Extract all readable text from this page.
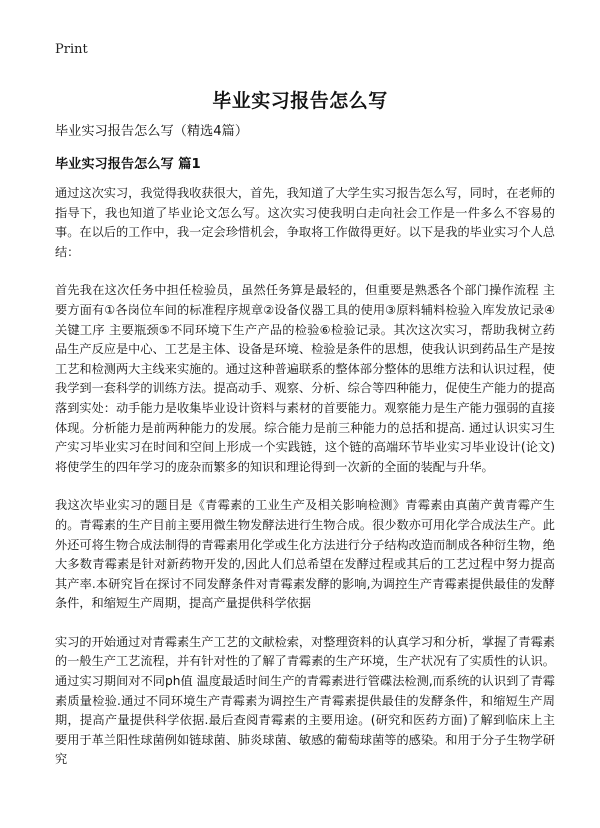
Print
毕业实习报告怎么写

毕业实习报告怎么写（精选4篇）

毕业实习报告怎么写 篇1

通过这次实习，我觉得我收获很大，首先，我知道了大学生实习报告怎么写，同时，在老师的指导下，我也知道了毕业论文怎么写。这次实习使我明白走向社会工作是一件多么不容易的事。在以后的工作中，我一定会珍惜机会，争取将工作做得更好。以下是我的毕业实习个人总结：

首先我在这次任务中担任检验员，虽然任务算是最轻的，但重要是熟悉各个部门操作流程 主要方面有①各岗位车间的标准程序规章②设备仪器工具的使用③原料辅料检验入库发放记录④关键工序 主要瓶颈⑤不同环境下生产产品的检验⑥检验记录。其次这次实习，帮助我树立药品生产反应是中心、工艺是主体、设备是环境、检验是条件的思想，使我认识到药品生产是按工艺和检测两大主线来实施的。通过这种普遍联系的整体部分整体的思维方法和认识过程，使我学到一套科学的训练方法。提高动手、观察、分析、综合等四种能力，促使生产能力的提高落到实处：动手能力是收集毕业设计资料与素材的首要能力。观察能力是生产能力强弱的直接体现。分析能力是前两种能力的发展。综合能力是前三种能力的总括和提高. 通过认识实习生产实习毕业实习在时间和空间上形成一个实践链，这个链的高端环节毕业实习毕业设计(论文)将使学生的四年学习的庞杂而繁多的知识和理论得到一次新的全面的装配与升华。

我这次毕业实习的题目是《青霉素的工业生产及相关影响检测》青霉素由真菌产黄青霉产生的。青霉素的生产目前主要用微生物发酵法进行生物合成。很少数亦可用化学合成法生产。此外还可将生物合成法制得的青霉素用化学或生化方法进行分子结构改造而制成各种衍生物，绝大多数青霉素是针对新药物开发的,因此人们总希望在发酵过程或其后的工艺过程中努力提高其产率.本研究旨在探讨不同发酵条件对青霉素发酵的影响,为调控生产青霉素提供最佳的发酵条件，和缩短生产周期，提高产量提供科学依据

实习的开始通过对青霉素生产工艺的文献检索，对整理资料的认真学习和分析，掌握了青霉素的一般生产工艺流程，并有针对性的了解了青霉素的生产环境，生产状况有了实质性的认识。通过实习期间对不同ph值 温度最适时间生产的青霉素进行管碟法检测,而系统的认识到了青霉素质量检验.通过不同环境生产青霉素为调控生产青霉素提供最佳的发酵条件，和缩短生产周期，提高产量提供科学依据.最后查阅青霉素的主要用途。(研究和医药方面)了解到临床上主要用于革兰阳性球菌例如链球菌、肺炎球菌、敏感的葡萄球菌等的感染。和用于分子生物学研究
